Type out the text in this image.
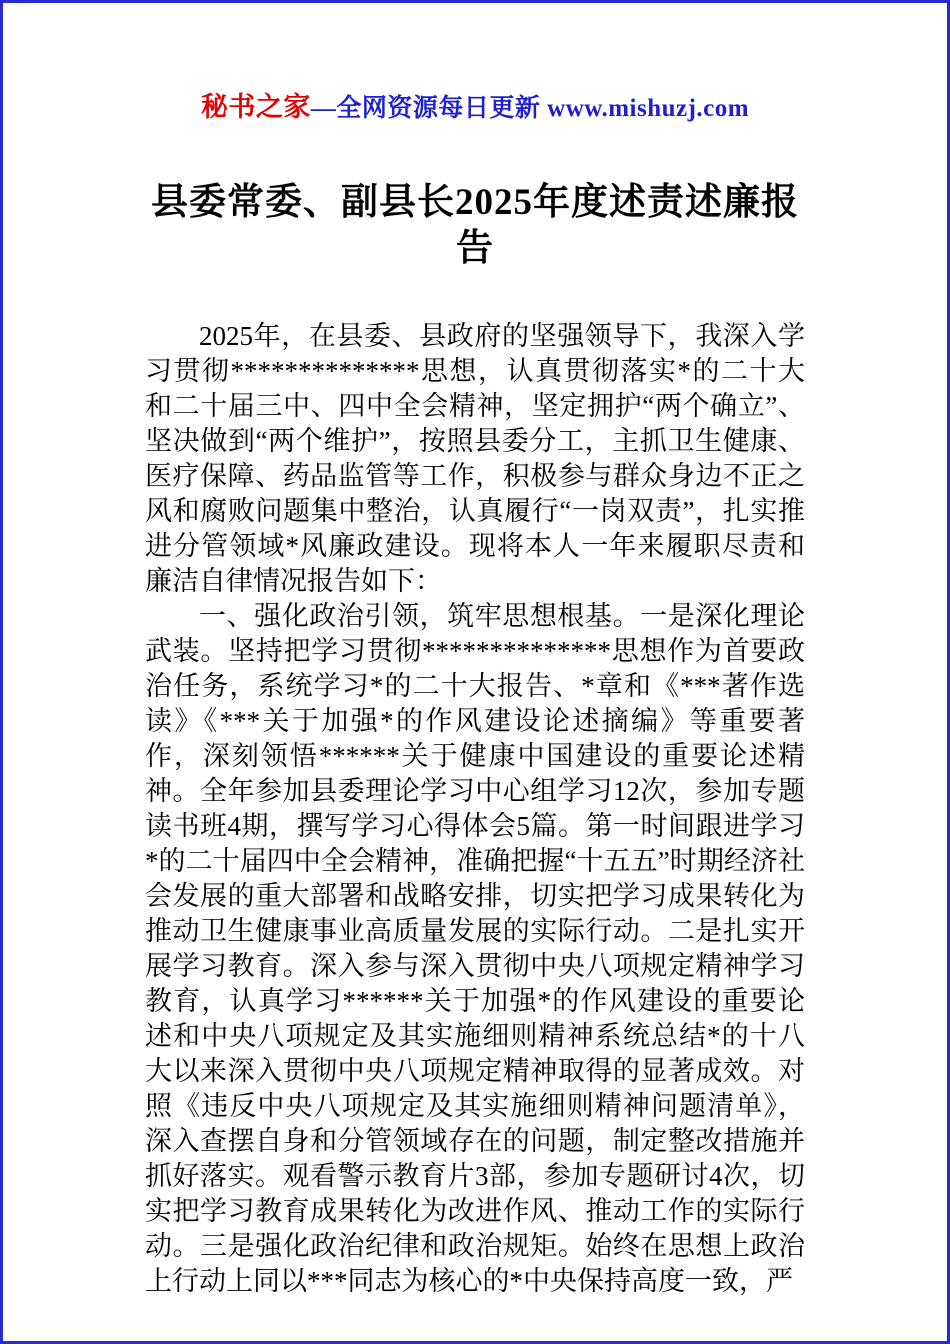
秘书之家—全网资源每日更新 www.mishuzj.com
县委常委、副县长2025年度述责述廉报告

2025年，在县委、县政府的坚强领导下，我深入学习贯彻**************思想，认真贯彻落实*的二十大和二十届三中、四中全会精神，坚定拥护“两个确立”、坚决做到“两个维护”，按照县委分工，主抓卫生健康、医疗保障、药品监管等工作，积极参与群众身边不正之风和腐败问题集中整治，认真履行“一岗双责”，扎实推进分管领域*风廉政建设。现将本人一年来履职尽责和廉洁自律情况报告如下：

一、强化政治引领，筑牢思想根基。一是深化理论武装。坚持把学习贯彻**************思想作为首要政治任务，系统学习*的二十大报告、*章和《***著作选读》《***关于加强*的作风建设论述摘编》等重要著作，深刻领悟******关于健康中国建设的重要论述精神。全年参加县委理论学习中心组学习12次，参加专题读书班4期，撰写学习心得体会5篇。第一时间跟进学习*的二十届四中全会精神，准确把握“十五五”时期经济社会发展的重大部署和战略安排，切实把学习成果转化为推动卫生健康事业高质量发展的实际行动。二是扎实开展学习教育。深入参与深入贯彻中央八项规定精神学习教育，认真学习******关于加强*的作风建设的重要论述和中央八项规定及其实施细则精神系统总结*的十八大以来深入贯彻中央八项规定精神取得的显著成效。对照《违反中央八项规定及其实施细则精神问题清单》，深入查摆自身和分管领域存在的问题，制定整改措施并抓好落实。观看警示教育片3部，参加专题研讨4次，切实把学习教育成果转化为改进作风、推动工作的实际行动。三是强化政治纪律和政治规矩。始终在思想上政治上行动上同以***同志为核心的*中央保持高度一致，严
